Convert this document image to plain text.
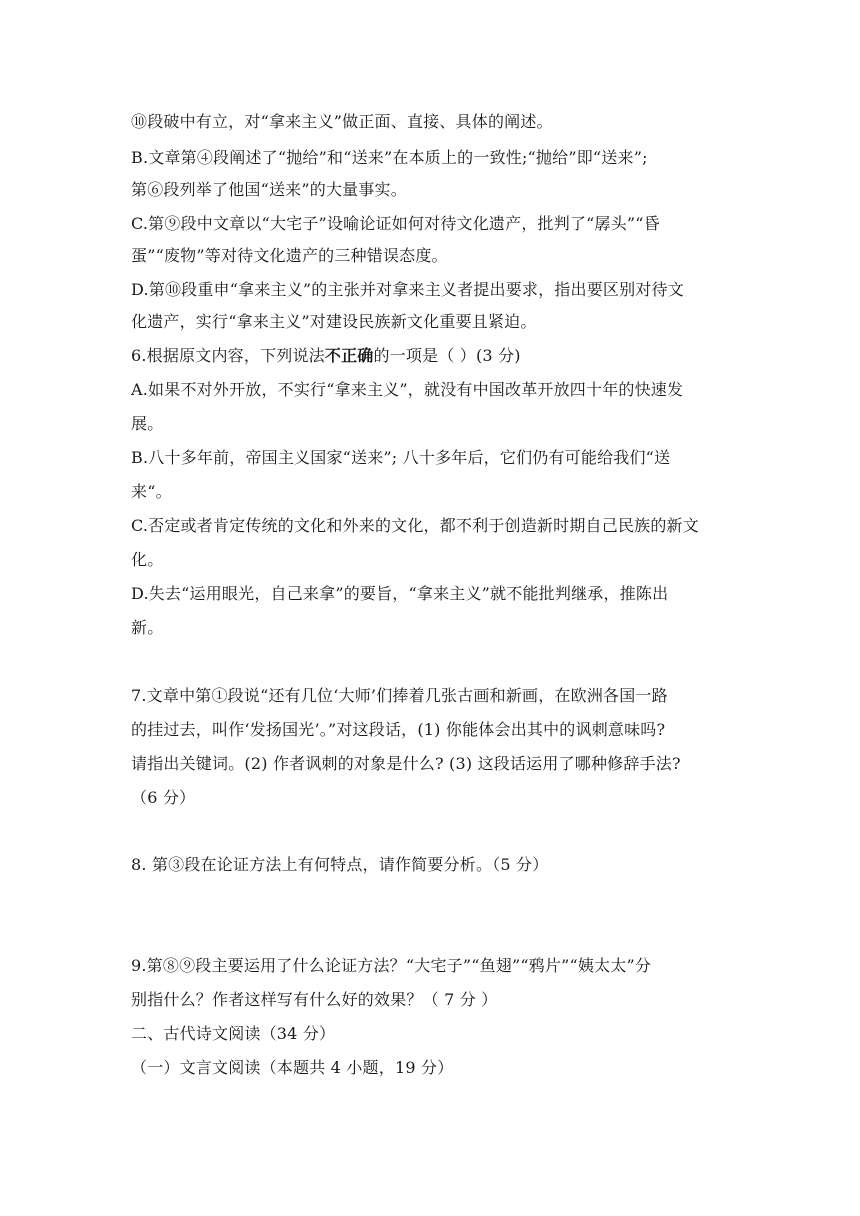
⑩段破中有立，对“拿来主义”做正面、直接、具体的阐述。
B.文章第④段阐述了“抛给”和“送来”在本质上的一致性;“抛给”即“送来”;
第⑥段列举了他国“送来”的大量事实。
C.第⑨段中文章以“大宅子”设喻论证如何对待文化遗产，批判了“孱头”“昏
蛋”“废物”等对待文化遗产的三种错误态度。
D.第⑩段重申“拿来主义”的主张并对拿来主义者提出要求，指出要区别对待文
化遗产，实行“拿来主义”对建设民族新文化重要且紧迫。
6.根据原文内容，下列说法不正确的一项是（ ）(3 分)
A.如果不对外开放，不实行“拿来主义”，就没有中国改革开放四十年的快速发
展。
B.八十多年前，帝国主义国家“送来”; 八十多年后，它们仍有可能给我们“送
来“。
C.否定或者肯定传统的文化和外来的文化，都不利于创造新时期自己民族的新文
化。
D.失去“运用眼光，自己来拿”的要旨，“拿来主义”就不能批判继承，推陈出
新。
7.文章中第①段说“还有几位‘大师’们捧着几张古画和新画，在欧洲各国一路
的挂过去，叫作‘发扬国光’。”对这段话，(1) 你能体会出其中的讽刺意味吗?
请指出关键词。(2) 作者讽刺的对象是什么? (3) 这段话运用了哪种修辞手法?
（6 分）
8. 第③段在论证方法上有何特点，请作简要分析。（5 分）
9.第⑧⑨段主要运用了什么论证方法？“大宅子”“鱼翅”“鸦片”“姨太太”分
别指什么？作者这样写有什么好的效果？（ 7 分 ）
二、古代诗文阅读（34 分）
（一）文言文阅读（本题共 4 小题，19 分）
